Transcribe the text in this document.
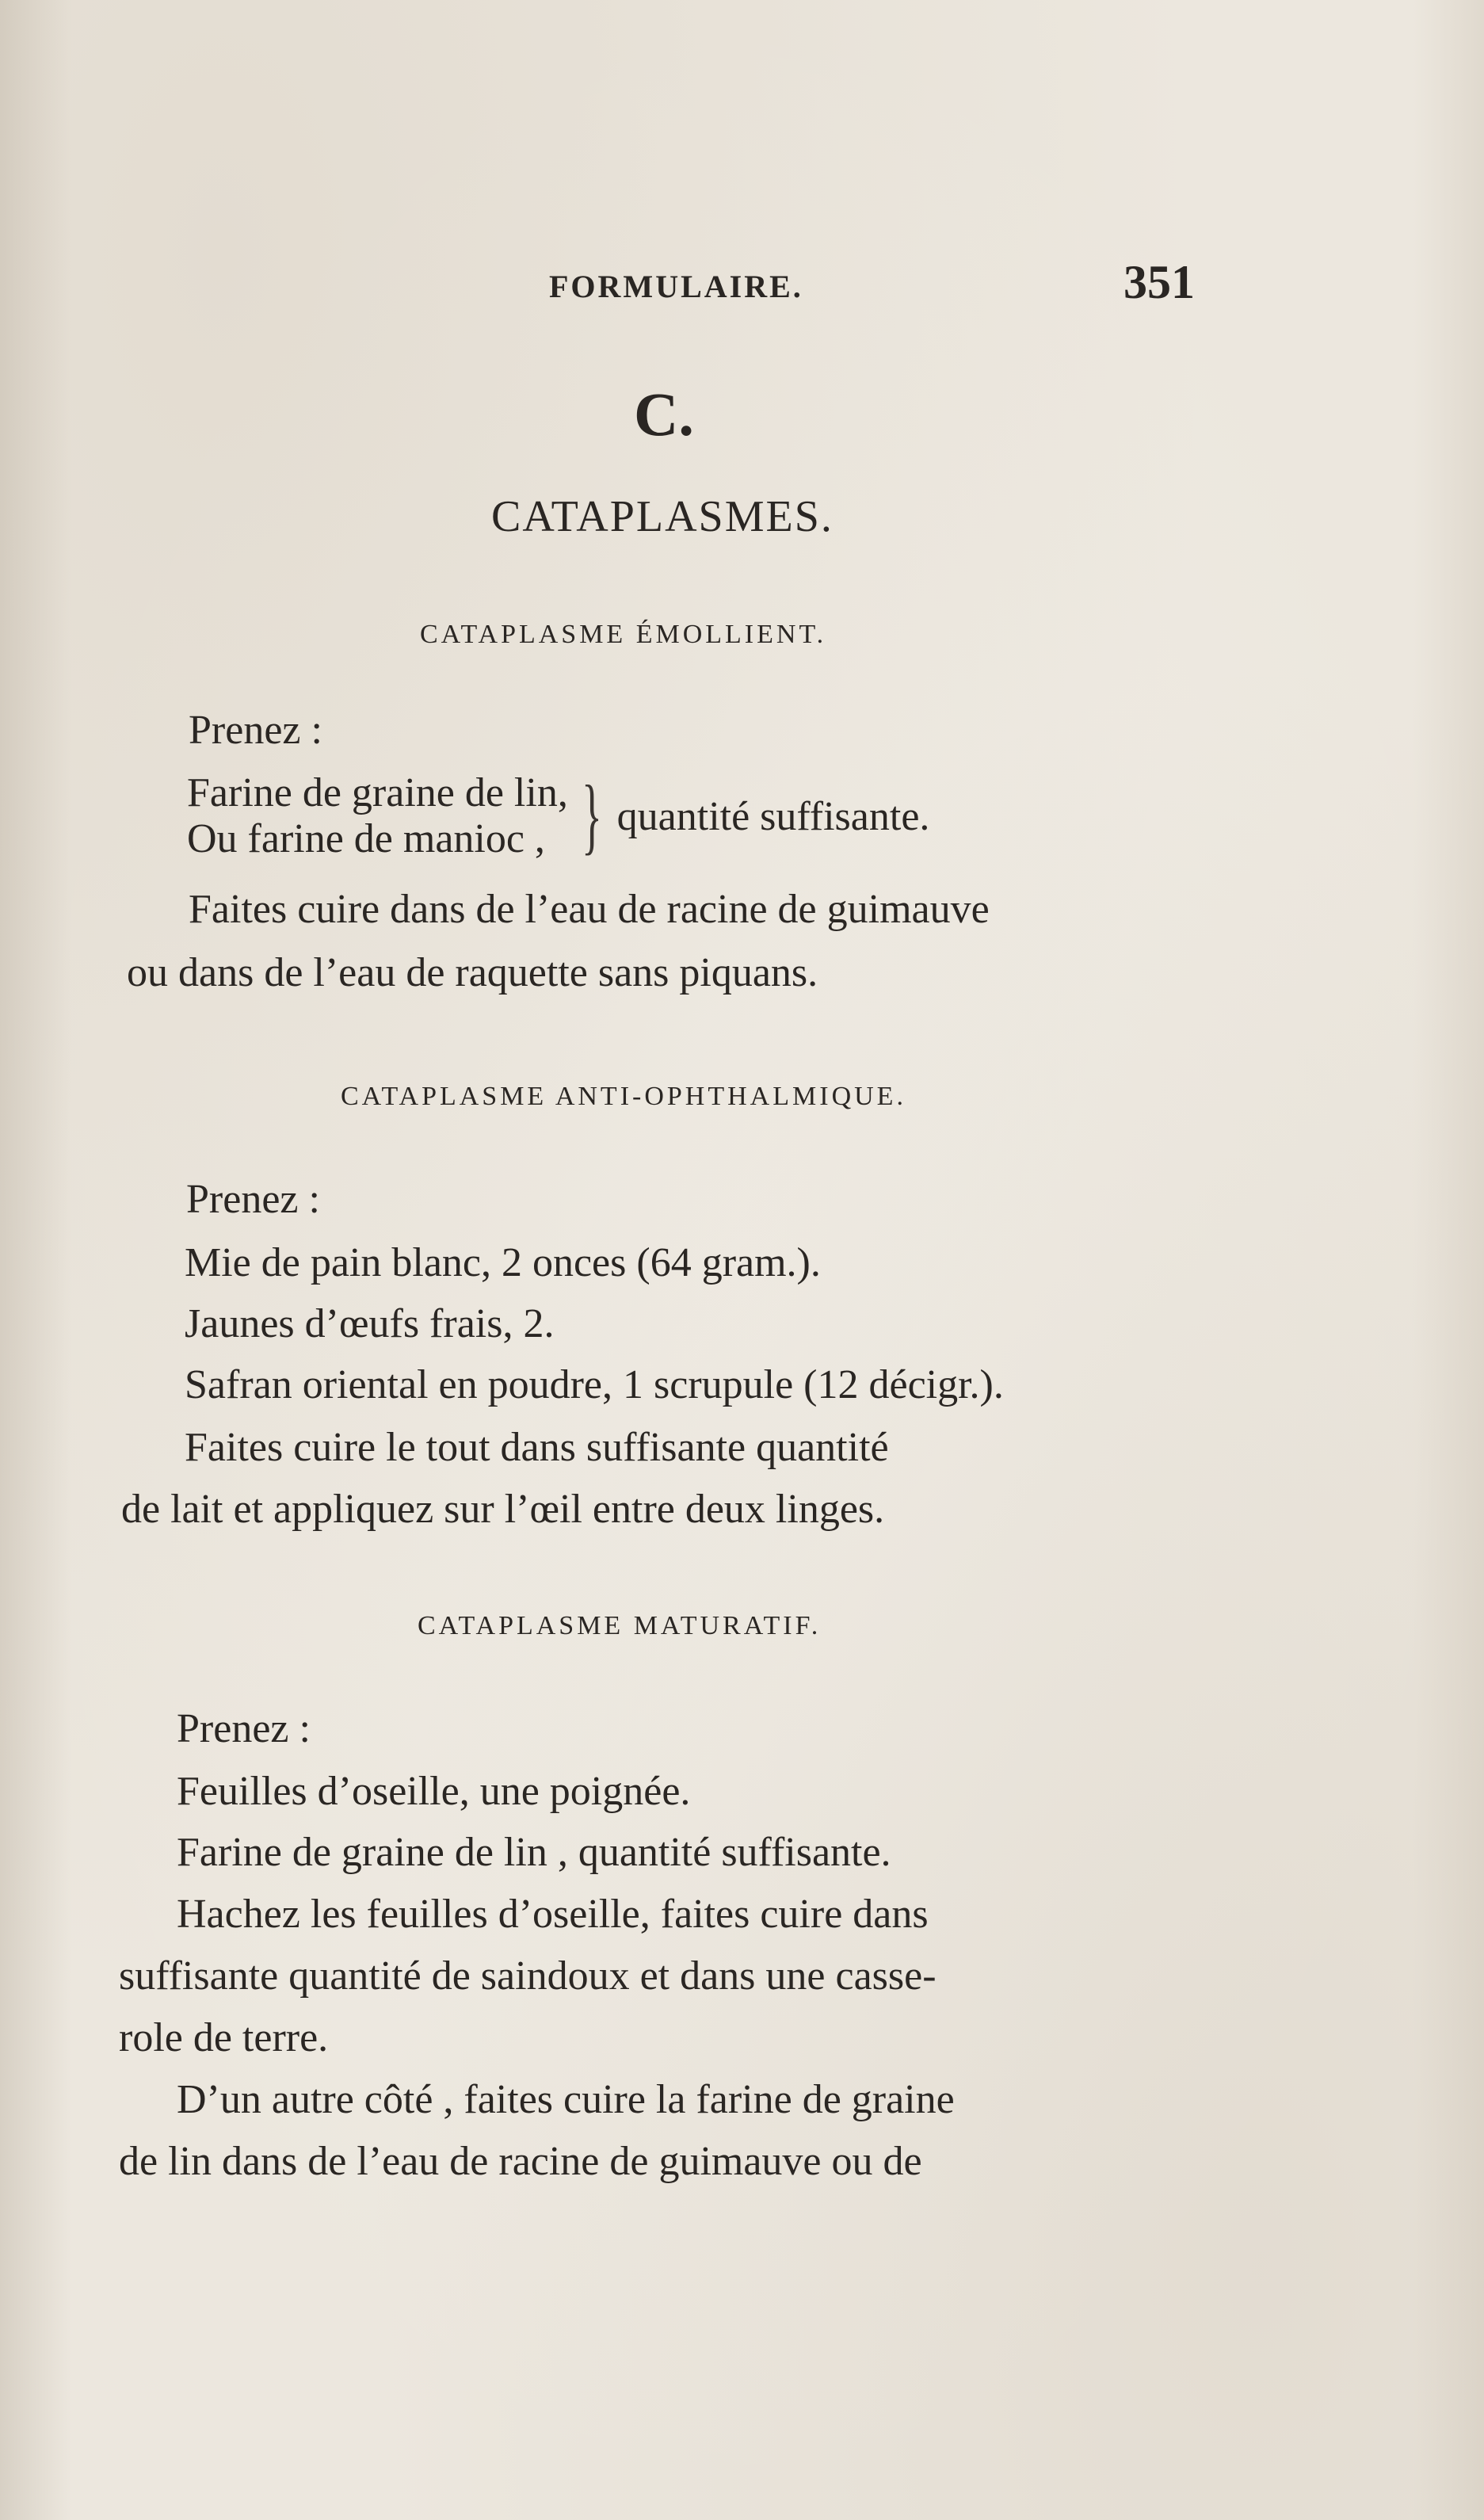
FORMULAIRE.	351

C.

CATAPLASMES.

CATAPLASME ÉMOLLIENT.

Prenez :

Farine de graine de lin,
Ou farine de manioc , } quantité suffisante.

Faites cuire dans de l’eau de racine de guimauve

ou dans de l’eau de raquette sans piquans.

CATAPLASME ANTI-OPHTHALMIQUE.

Prenez :

Mie de pain blanc, 2 onces (64 gram.).

Jaunes d’œufs frais, 2.

Safran oriental en poudre, 1 scrupule (12 décigr.).

Faites cuire le tout dans suffisante quantité

de lait et appliquez sur l’œil entre deux linges.

CATAPLASME MATURATIF.

Prenez :

Feuilles d’oseille, une poignée.

Farine de graine de lin , quantité suffisante.

Hachez les feuilles d’oseille, faites cuire dans

suffisante quantité de saindoux et dans une casse-

role de terre.

D’un autre côté , faites cuire la farine de graine

de lin dans de l’eau de racine de guimauve ou de
